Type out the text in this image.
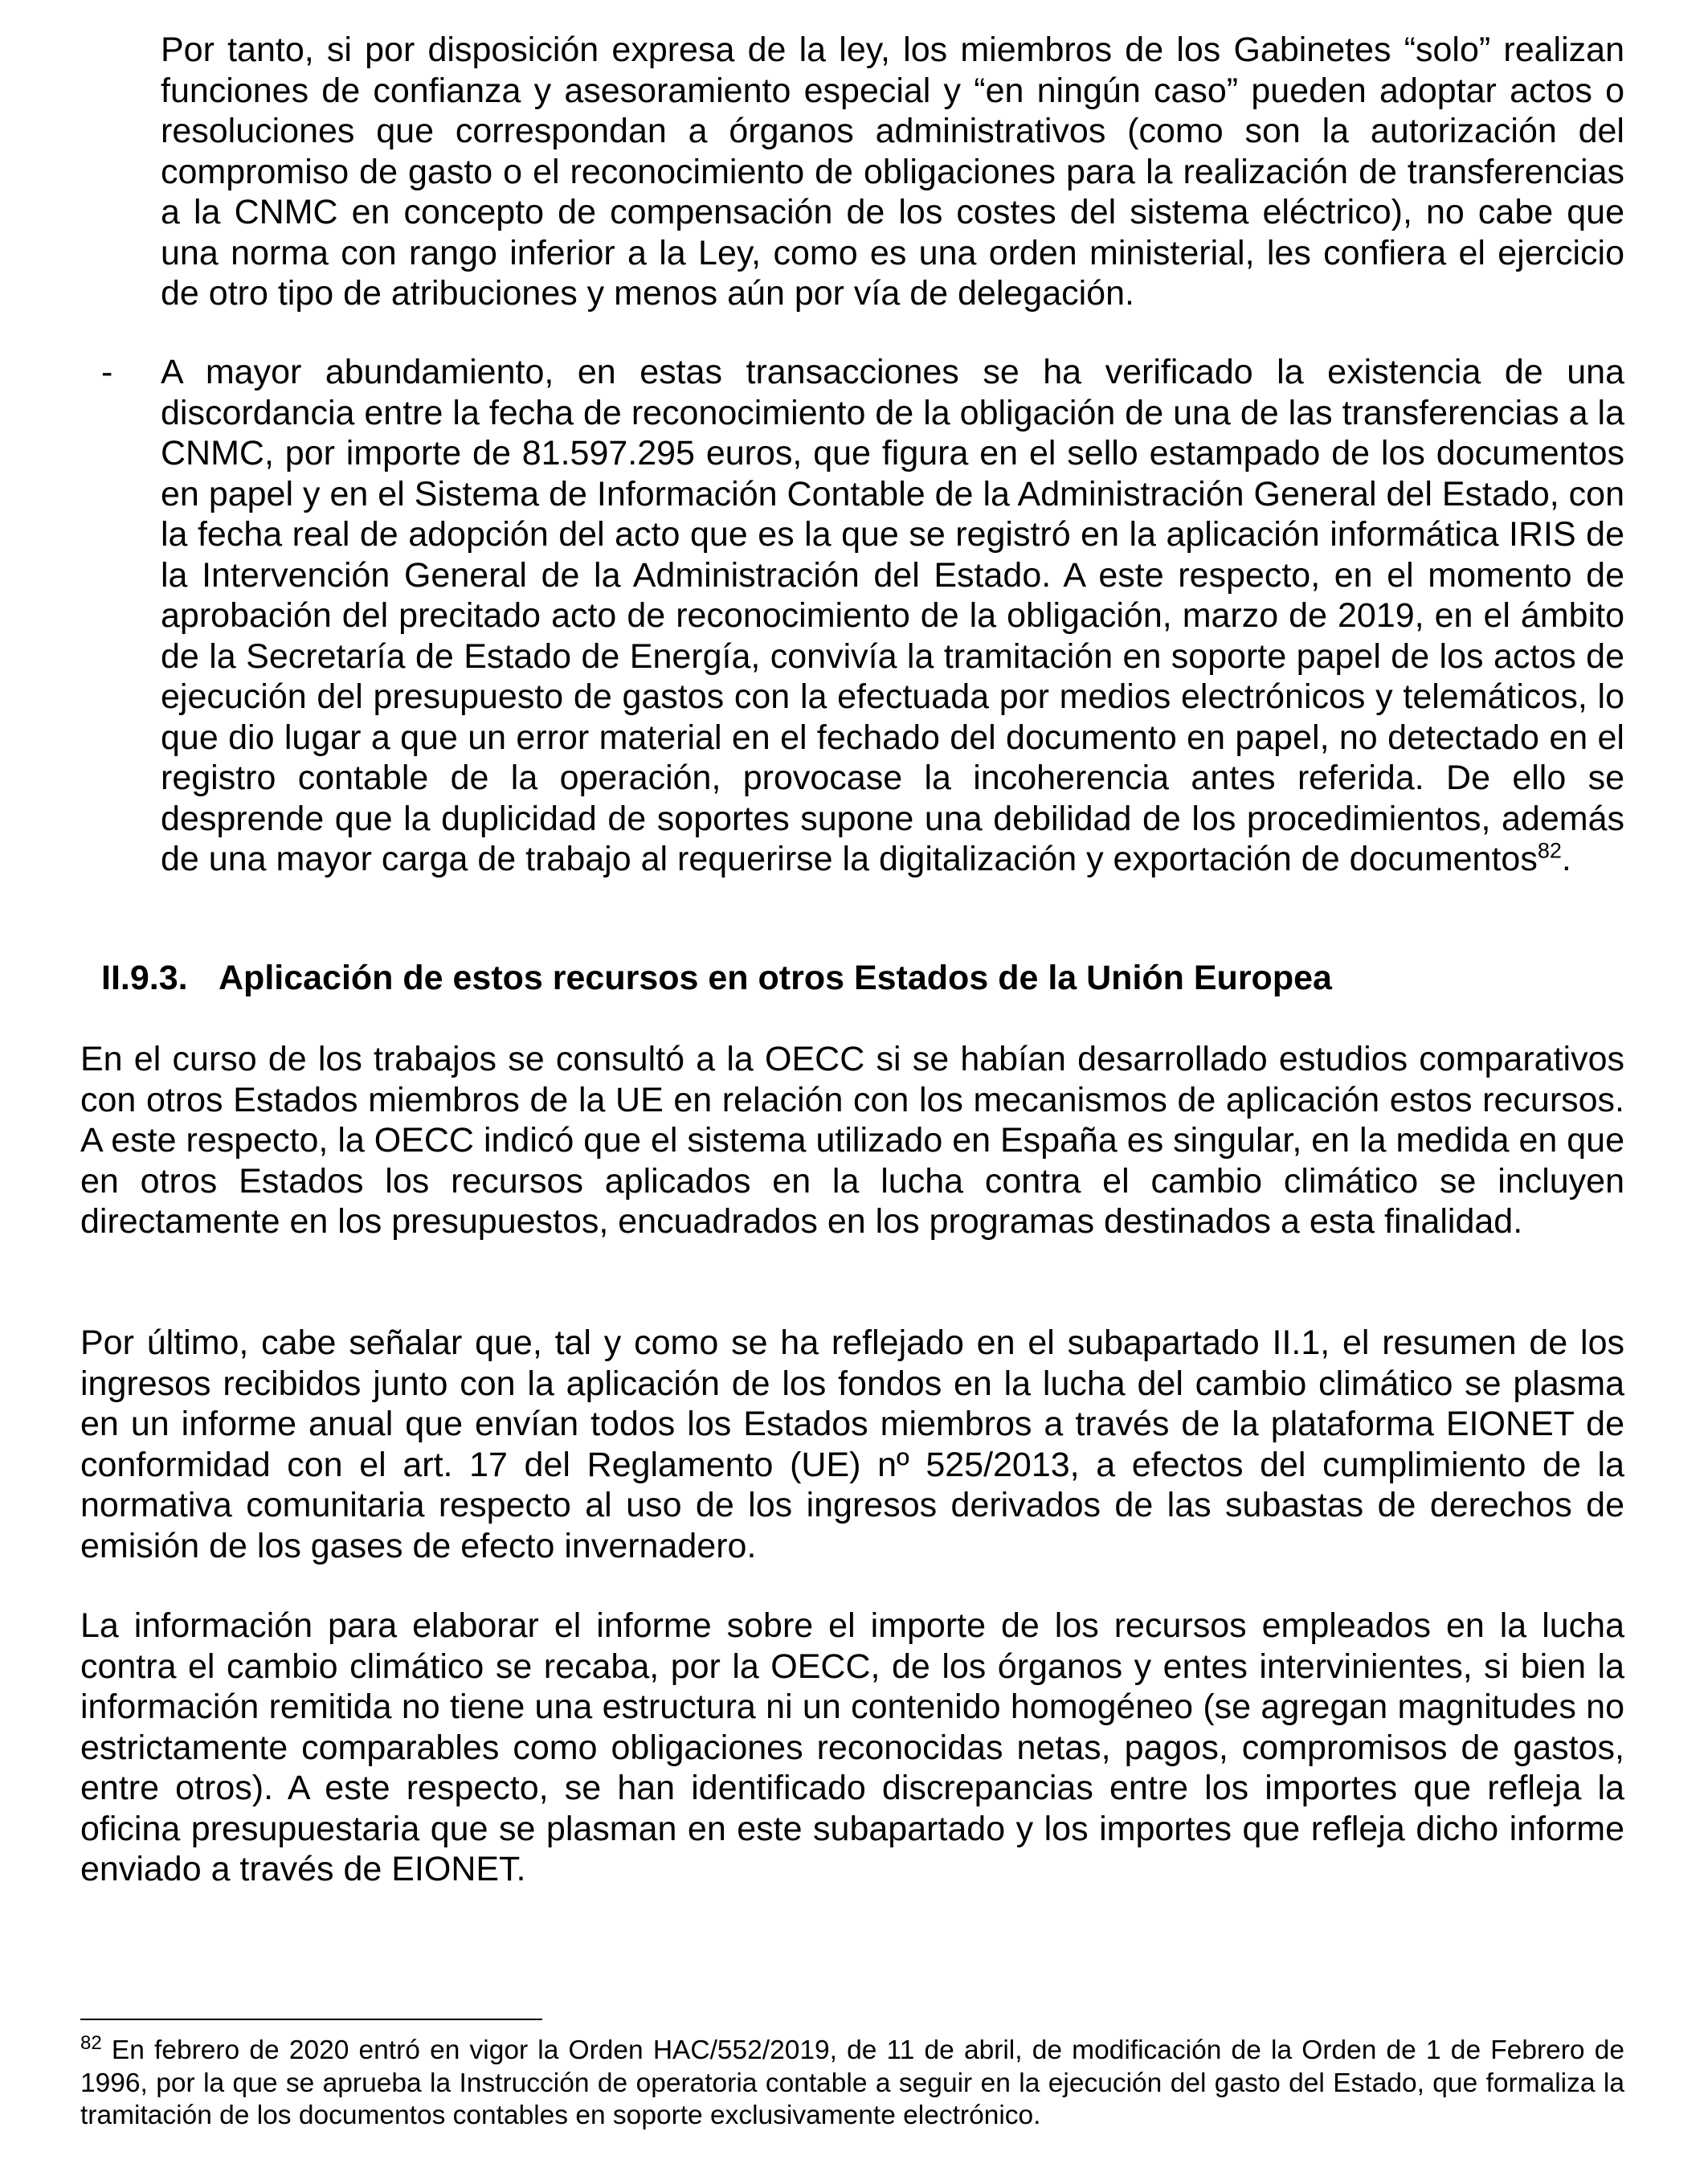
Por tanto, si por disposición expresa de la ley, los miembros de los Gabinetes “solo” realizan funciones de confianza y asesoramiento especial y “en ningún caso” pueden adoptar actos o resoluciones que correspondan a órganos administrativos (como son la autorización del compromiso de gasto o el reconocimiento de obligaciones para la realización de transferencias a la CNMC en concepto de compensación de los costes del sistema eléctrico), no cabe que una norma con rango inferior a la Ley, como es una orden ministerial, les confiera el ejercicio de otro tipo de atribuciones y menos aún por vía de delegación.

- A mayor abundamiento, en estas transacciones se ha verificado la existencia de una discordancia entre la fecha de reconocimiento de la obligación de una de las transferencias a la CNMC, por importe de 81.597.295 euros, que figura en el sello estampado de los documentos en papel y en el Sistema de Información Contable de la Administración General del Estado, con la fecha real de adopción del acto que es la que se registró en la aplicación informática IRIS de la Intervención General de la Administración del Estado. A este respecto, en el momento de aprobación del precitado acto de reconocimiento de la obligación, marzo de 2019, en el ámbito de la Secretaría de Estado de Energía, convivía la tramitación en soporte papel de los actos de ejecución del presupuesto de gastos con la efectuada por medios electrónicos y telemáticos, lo que dio lugar a que un error material en el fechado del documento en papel, no detectado en el registro contable de la operación, provocase la incoherencia antes referida. De ello se desprende que la duplicidad de soportes supone una debilidad de los procedimientos, además de una mayor carga de trabajo al requerirse la digitalización y exportación de documentos$^{82}$.

II.9.3. Aplicación de estos recursos en otros Estados de la Unión Europea

En el curso de los trabajos se consultó a la OECC si se habían desarrollado estudios comparativos con otros Estados miembros de la UE en relación con los mecanismos de aplicación estos recursos. A este respecto, la OECC indicó que el sistema utilizado en España es singular, en la medida en que en otros Estados los recursos aplicados en la lucha contra el cambio climático se incluyen directamente en los presupuestos, encuadrados en los programas destinados a esta finalidad.

Por último, cabe señalar que, tal y como se ha reflejado en el subapartado II.1, el resumen de los ingresos recibidos junto con la aplicación de los fondos en la lucha del cambio climático se plasma en un informe anual que envían todos los Estados miembros a través de la plataforma EIONET de conformidad con el art. 17 del Reglamento (UE) nº 525/2013, a efectos del cumplimiento de la normativa comunitaria respecto al uso de los ingresos derivados de las subastas de derechos de emisión de los gases de efecto invernadero.

La información para elaborar el informe sobre el importe de los recursos empleados en la lucha contra el cambio climático se recaba, por la OECC, de los órganos y entes intervinientes, si bien la información remitida no tiene una estructura ni un contenido homogéneo (se agregan magnitudes no estrictamente comparables como obligaciones reconocidas netas, pagos, compromisos de gastos, entre otros). A este respecto, se han identificado discrepancias entre los importes que refleja la oficina presupuestaria que se plasman en este subapartado y los importes que refleja dicho informe enviado a través de EIONET.

$^{82}$ En febrero de 2020 entró en vigor la Orden HAC/552/2019, de 11 de abril, de modificación de la Orden de 1 de Febrero de 1996, por la que se aprueba la Instrucción de operatoria contable a seguir en la ejecución del gasto del Estado, que formaliza la tramitación de los documentos contables en soporte exclusivamente electrónico.
